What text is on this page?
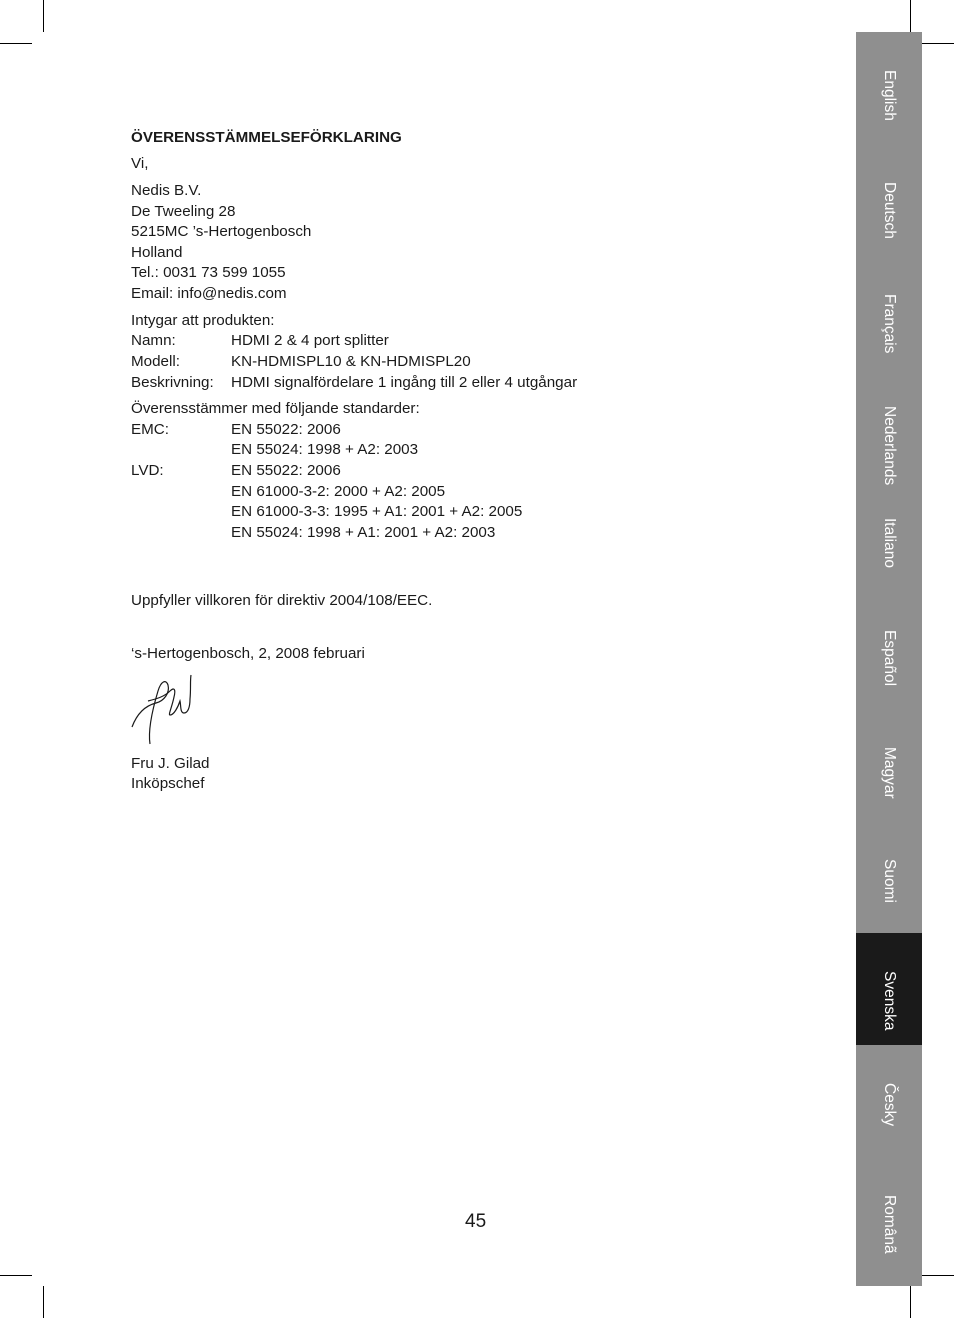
ÖVERENSSTÄMMELSEFÖRKLARING
Vi,
Nedis B.V.
De Tweeling 28
5215MC ’s-Hertogenbosch
Holland
Tel.: 0031 73 599 1055
Email: info@nedis.com
Intygar att produkten:
Namn:	HDMI 2 & 4 port splitter
Modell:	KN-HDMISPL10 & KN-HDMISPL20
Beskrivning: HDMI signalfördelare 1 ingång till 2 eller 4 utgångar
Överensstämmer med följande standarder:
EMC:	EN 55022: 2006
EN 55024: 1998 + A2: 2003
LVD:	EN 55022: 2006
EN 61000-3-2: 2000 + A2: 2005
EN 61000-3-3: 1995 + A1: 2001 + A2: 2005
EN 55024: 1998 + A1: 2001 + A2: 2003
Uppfyller villkoren för direktiv 2004/108/EEC.
‘s-Hertogenbosch, 2, 2008 februari
Fru J. Gilad
Inköpschef
45
English
Deutsch
Français
Nederlands
Italiano
Español
Magyar
Suomi
Svenska
Česky
Românã
